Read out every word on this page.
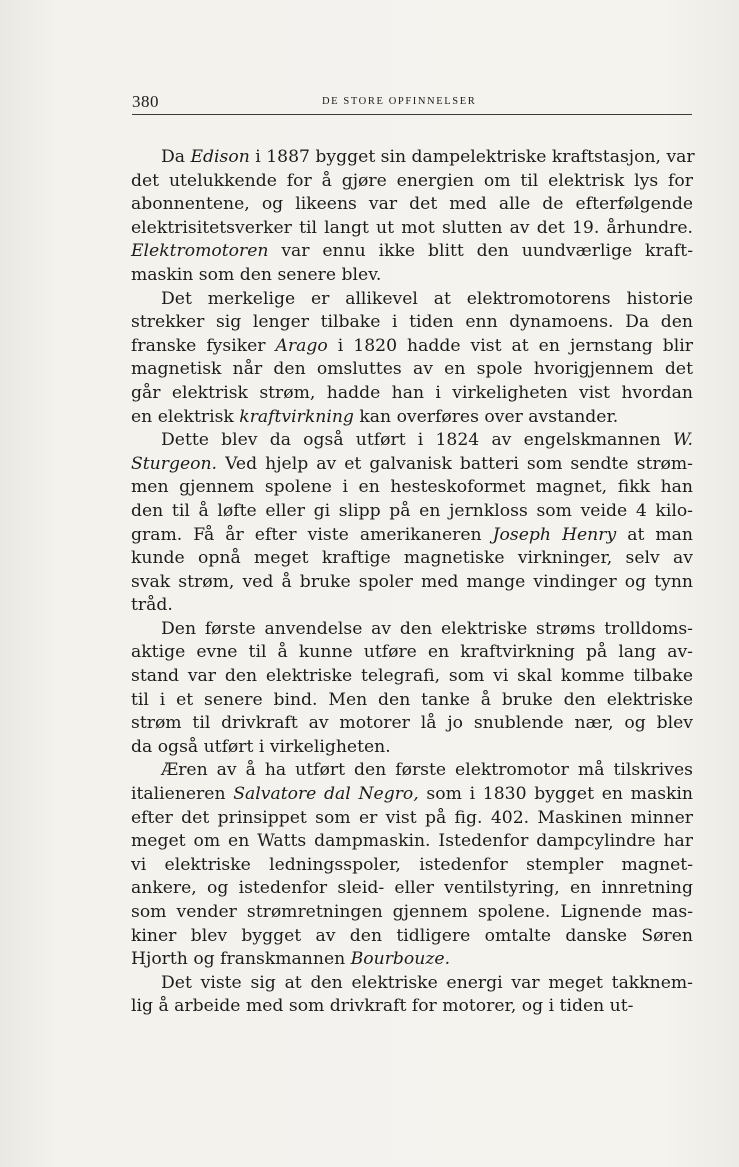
380	DE STORE OPFINNELSER

Da Edison i 1887 bygget sin dampelektriske kraftstasjon, var
det utelukkende for å gjøre energien om til elektrisk lys for
abonnentene, og likeens var det med alle de efterfølgende
elektrisitetsverker til langt ut mot slutten av det 19. århundre.
Elektromotoren var ennu ikke blitt den uundværlige kraft-
maskin som den senere blev.

Det merkelige er allikevel at elektromotorens historie
strekker sig lenger tilbake i tiden enn dynamoens. Da den
franske fysiker Arago i 1820 hadde vist at en jernstang blir
magnetisk når den omsluttes av en spole hvorigjennem det
går elektrisk strøm, hadde han i virkeligheten vist hvordan
en elektrisk kraftvirkning kan overføres over avstander.

Dette blev da også utført i 1824 av engelskmannen W.
Sturgeon. Ved hjelp av et galvanisk batteri som sendte strøm-
men gjennem spolene i en hesteskoformet magnet, fikk han
den til å løfte eller gi slipp på en jernkloss som veide 4 kilo-
gram. Få år efter viste amerikaneren Joseph Henry at man
kunde opnå meget kraftige magnetiske virkninger, selv av
svak strøm, ved å bruke spoler med mange vindinger og tynn
tråd.

Den første anvendelse av den elektriske strøms trolldoms-
aktige evne til å kunne utføre en kraftvirkning på lang av-
stand var den elektriske telegrafi, som vi skal komme tilbake
til i et senere bind. Men den tanke å bruke den elektriske
strøm til drivkraft av motorer lå jo snublende nær, og blev
da også utført i virkeligheten.

Æren av å ha utført den første elektromotor må tilskrives
italieneren Salvatore dal Negro, som i 1830 bygget en maskin
efter det prinsippet som er vist på fig. 402. Maskinen minner
meget om en Watts dampmaskin. Istedenfor dampcylindre har
vi elektriske ledningsspoler, istedenfor stempler magnet-
ankere, og istedenfor sleid- eller ventilstyring, en innretning
som vender strømretningen gjennem spolene. Lignende mas-
kiner blev bygget av den tidligere omtalte danske Søren
Hjorth og franskmannen Bourbouze.

Det viste sig at den elektriske energi var meget takknem-
lig å arbeide med som drivkraft for motorer, og i tiden ut-
